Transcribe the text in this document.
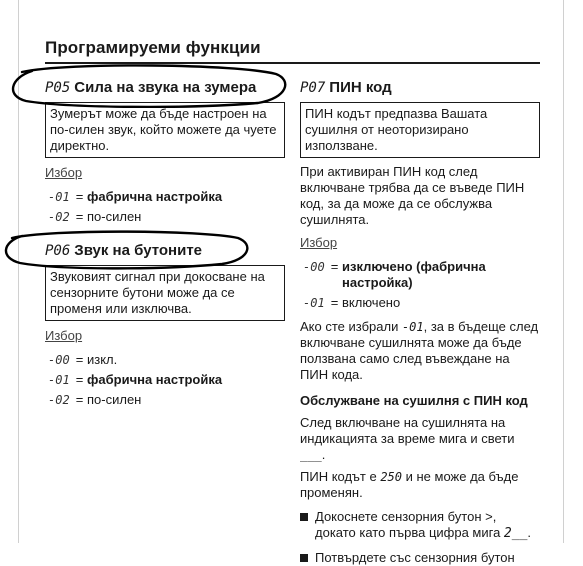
Програмируеми функции
P05 Сила на звука на зумера
Зумерът може да бъде настроен на по-силен звук, който можете да чуете директно.
Избор
-01 = фабрична настройка
-02 = по-силен
P06 Звук на бутоните
Звуковият сигнал при докосване на сензорните бутони може да се променя или изключва.
Избор
-00 = изкл.
-01 = фабрична настройка
-02 = по-силен
P07 ПИН код
ПИН кодът предпазва Вашата сушилня от неоторизирано използване.
При активиран ПИН код след включване трябва да се въведе ПИН код, за да може да се обслужва сушилнята.
Избор
-00 = изключено (фабрична настройка)
-01 = включено
Ако сте избрали -01, за в бъдеще след включване сушилнята може да бъде ползвана само след въвеждане на ПИН кода.
Обслужване на сушилня с ПИН код
След включване на сушилнята на индикацията за време мига и свети ___.
ПИН кодът е 250 и не може да бъде променян.
Докоснете сензорния бутон >, докато като първа цифра мига 2__.
Потвърдете със сензорния бутон
